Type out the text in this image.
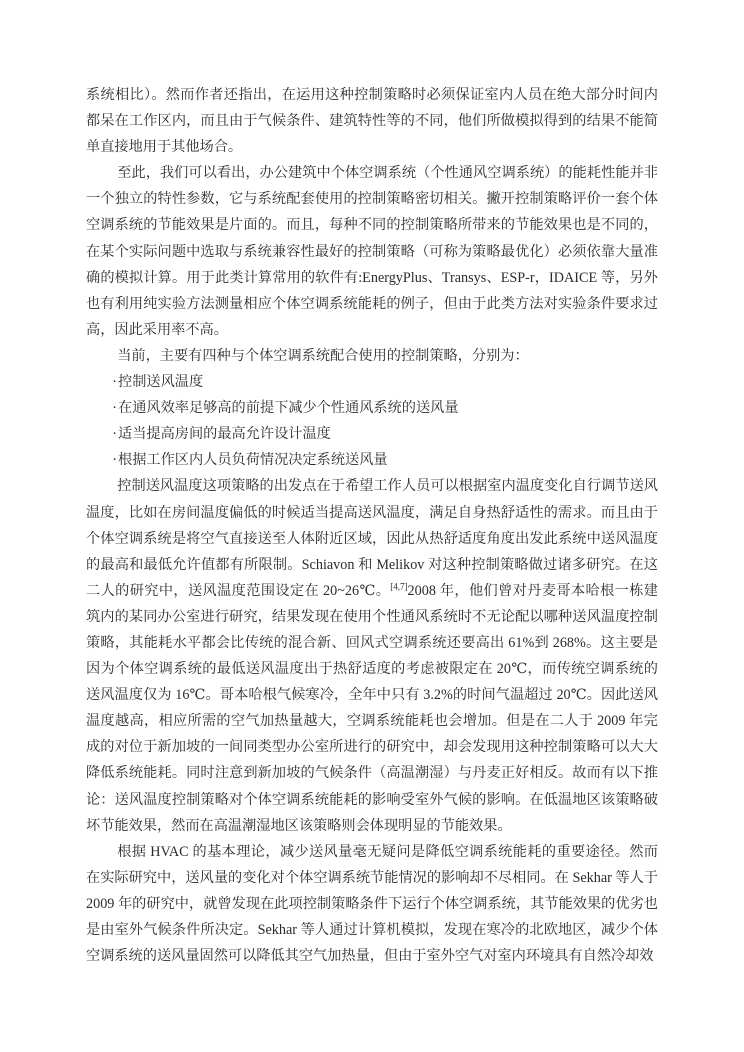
系统相比）。然而作者还指出，在运用这种控制策略时必须保证室内人员在绝大部分时间内都呆在工作区内，而且由于气候条件、建筑特性等的不同，他们所做模拟得到的结果不能简单直接地用于其他场合。

至此，我们可以看出，办公建筑中个体空调系统（个性通风空调系统）的能耗性能并非一个独立的特性参数，它与系统配套使用的控制策略密切相关。撇开控制策略评价一套个体空调系统的节能效果是片面的。而且，每种不同的控制策略所带来的节能效果也是不同的，在某个实际问题中选取与系统兼容性最好的控制策略（可称为策略最优化）必须依靠大量准确的模拟计算。用于此类计算常用的软件有:EnergyPlus、Transys、ESP-r，IDAICE 等，另外也有利用纯实验方法测量相应个体空调系统能耗的例子，但由于此类方法对实验条件要求过高，因此采用率不高。

当前，主要有四种与个体空调系统配合使用的控制策略，分别为：

·控制送风温度

·在通风效率足够高的前提下减少个性通风系统的送风量

·适当提高房间的最高允许设计温度

·根据工作区内人员负荷情况决定系统送风量

控制送风温度这项策略的出发点在于希望工作人员可以根据室内温度变化自行调节送风温度，比如在房间温度偏低的时候适当提高送风温度，满足自身热舒适性的需求。而且由于个体空调系统是将空气直接送至人体附近区域，因此从热舒适度角度出发此系统中送风温度的最高和最低允许值都有所限制。Schiavon 和 Melikov 对这种控制策略做过诸多研究。在这二人的研究中，送风温度范围设定在 20~26℃。[4,7]2008 年，他们曾对丹麦哥本哈根一栋建筑内的某同办公室进行研究，结果发现在使用个性通风系统时不无论配以哪种送风温度控制策略，其能耗水平都会比传统的混合新、回风式空调系统还要高出 61%到 268%。这主要是因为个体空调系统的最低送风温度出于热舒适度的考虑被限定在 20℃，而传统空调系统的送风温度仅为 16℃。哥本哈根气候寒冷，全年中只有 3.2%的时间气温超过 20℃。因此送风温度越高，相应所需的空气加热量越大，空调系统能耗也会增加。但是在二人于 2009 年完成的对位于新加坡的一间同类型办公室所进行的研究中，却会发现用这种控制策略可以大大降低系统能耗。同时注意到新加坡的气候条件（高温潮湿）与丹麦正好相反。故而有以下推论：送风温度控制策略对个体空调系统能耗的影响受室外气候的影响。在低温地区该策略破坏节能效果，然而在高温潮湿地区该策略则会体现明显的节能效果。

根据 HVAC 的基本理论，减少送风量毫无疑问是降低空调系统能耗的重要途径。然而在实际研究中，送风量的变化对个体空调系统节能情况的影响却不尽相同。在 Sekhar 等人于 2009 年的研究中，就曾发现在此项控制策略条件下运行个体空调系统，其节能效果的优劣也是由室外气候条件所决定。Sekhar 等人通过计算机模拟，发现在寒冷的北欧地区，减少个体空调系统的送风量固然可以降低其空气加热量，但由于室外空气对室内环境具有自然冷却效
